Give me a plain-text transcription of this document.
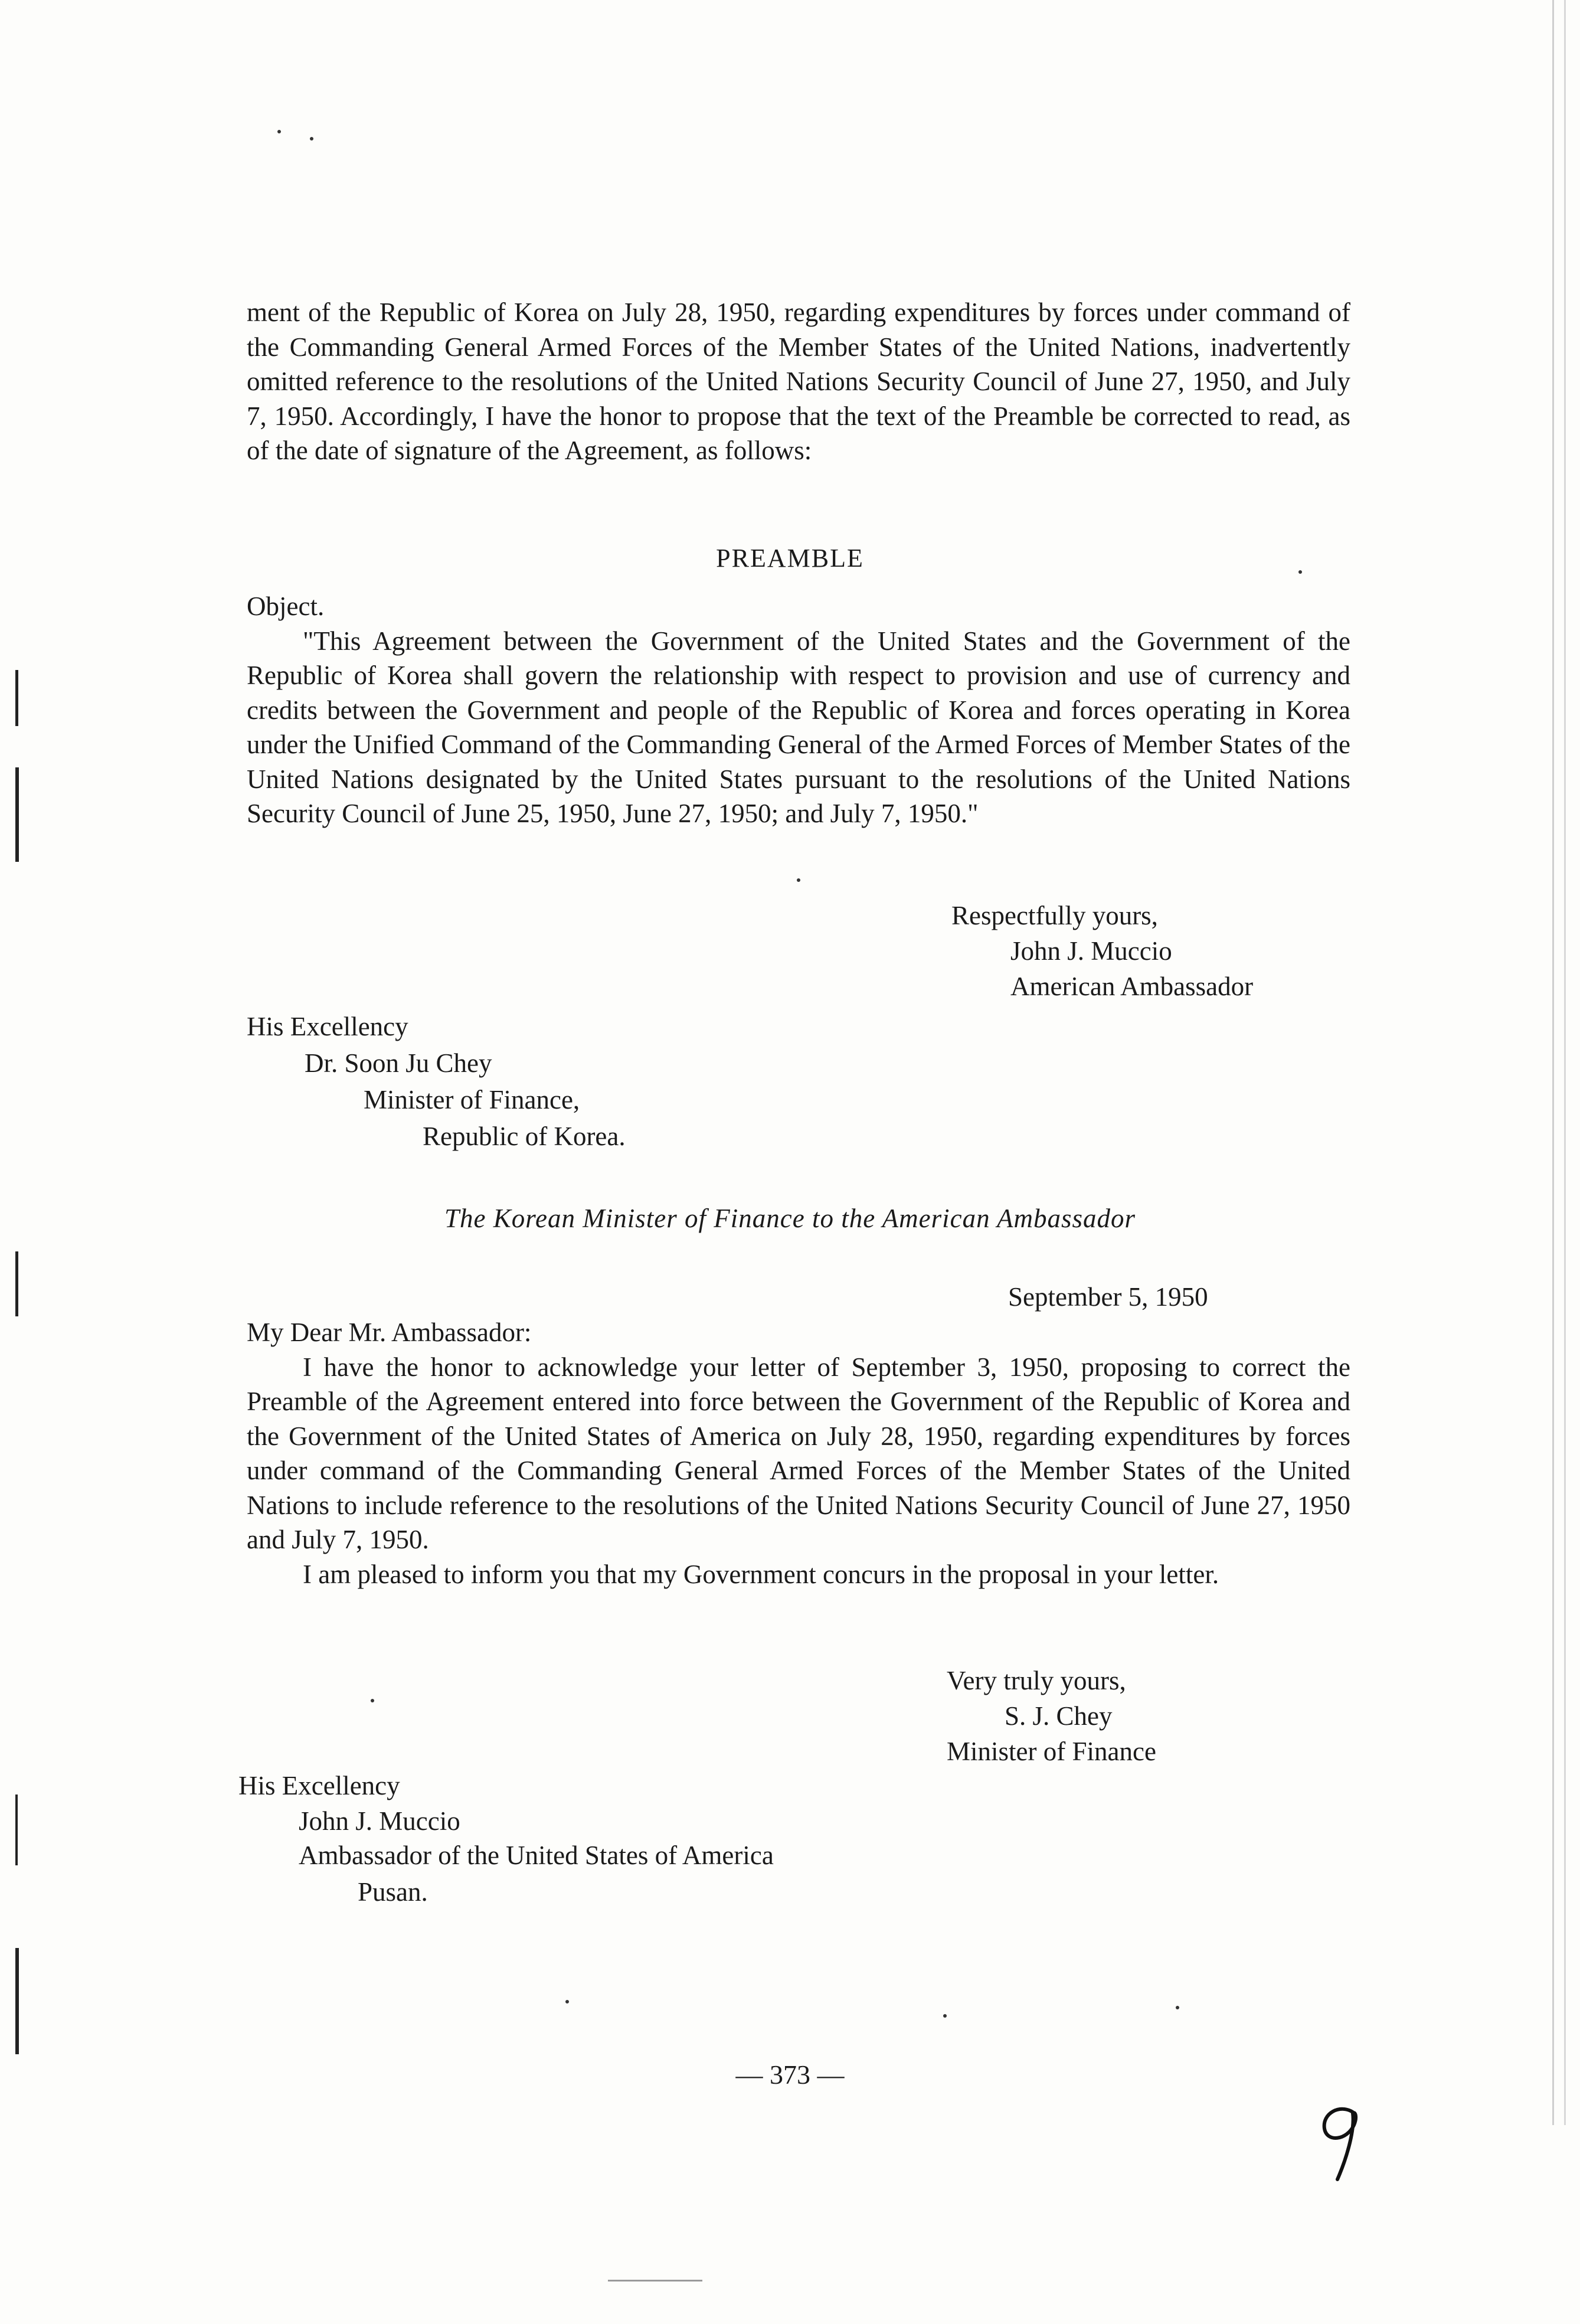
ment of the Republic of Korea on July 28, 1950, regarding expenditures by forces under command of the Commanding General Armed Forces of the Member States of the United Nations, inadvertently omitted reference to the resolutions of the United Nations Security Council of June 27, 1950, and July 7, 1950. Accordingly, I have the honor to propose that the text of the Preamble be corrected to read, as of the date of signature of the Agreement, as follows:

PREAMBLE

Object.

"This Agreement between the Government of the United States and the Government of the Republic of Korea shall govern the relationship with respect to provision and use of currency and credits between the Government and people of the Republic of Korea and forces operating in Korea under the Unified Command of the Commanding General of the Armed Forces of Member States of the United Nations designated by the United States pursuant to the resolutions of the United Nations Security Council of June 25, 1950, June 27, 1950; and July 7, 1950."

Respectfully yours,
John J. Muccio
American Ambassador
His Excellency
Dr. Soon Ju Chey
Minister of Finance,
Republic of Korea.
The Korean Minister of Finance to the American Ambassador
September 5, 1950

My Dear Mr. Ambassador:

I have the honor to acknowledge your letter of September 3, 1950, proposing to correct the Preamble of the Agreement entered into force between the Government of the Republic of Korea and the Government of the United States of America on July 28, 1950, regarding expenditures by forces under command of the Commanding General Armed Forces of the Member States of the United Nations to include reference to the resolutions of the United Nations Security Council of June 27, 1950 and July 7, 1950.

I am pleased to inform you that my Government concurs in the proposal in your letter.

Very truly yours,
S. J. Chey
Minister of Finance
His Excellency
John J. Muccio
Ambassador of the United States of America
Pusan.
— 373 —
